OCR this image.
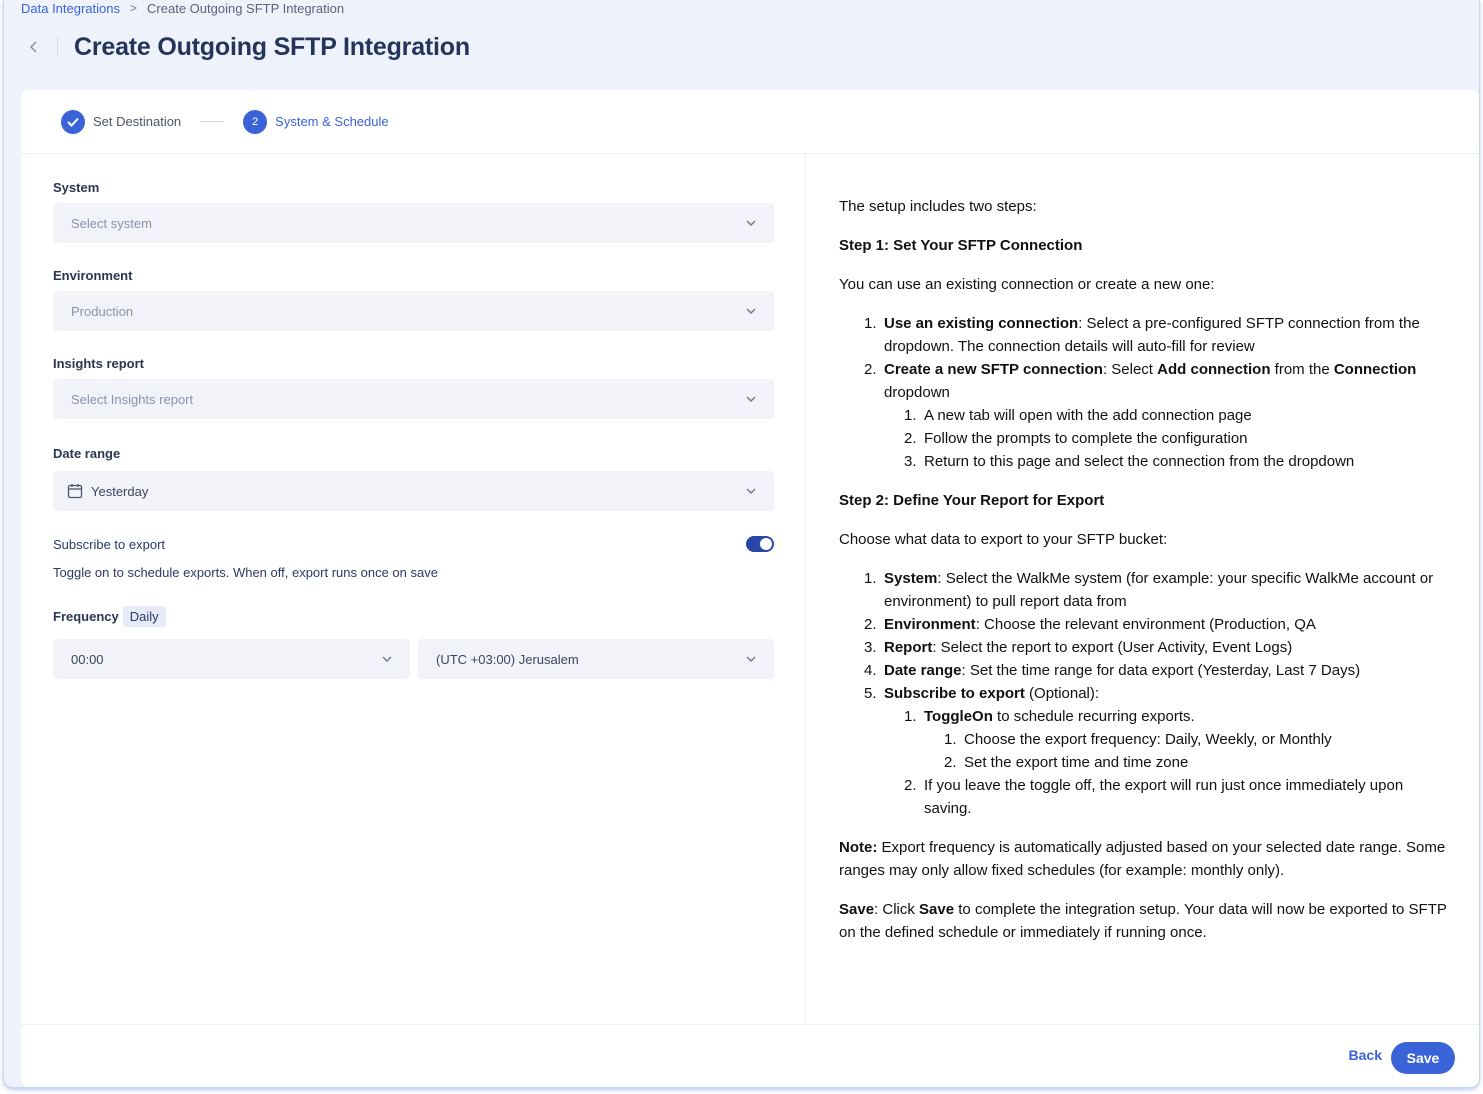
Data Integrations > Create Outgoing SFTP Integration
Create Outgoing SFTP Integration
Set Destination	2	System & Schedule
System
Select system
Environment
Production
Insights report
Select Insights report
Date range
Yesterday
Subscribe to export
Toggle on to schedule exports. When off, export runs once on save
Frequency Daily
00:00	(UTC +03:00) Jerusalem

The setup includes two steps:

Step 1: Set Your SFTP Connection

You can use an existing connection or create a new one:

1. Use an existing connection: Select a pre-configured SFTP connection from the dropdown. The connection details will auto-fill for review
2. Create a new SFTP connection: Select Add connection from the Connection dropdown
1. A new tab will open with the add connection page
2. Follow the prompts to complete the configuration
3. Return to this page and select the connection from the dropdown

Step 2: Define Your Report for Export

Choose what data to export to your SFTP bucket:

1. System: Select the WalkMe system (for example: your specific WalkMe account or environment) to pull report data from
2. Environment: Choose the relevant environment (Production, QA
3. Report: Select the report to export (User Activity, Event Logs)
4. Date range: Set the time range for data export (Yesterday, Last 7 Days)
5. Subscribe to export (Optional):
1. ToggleOn to schedule recurring exports.
1. Choose the export frequency: Daily, Weekly, or Monthly
2. Set the export time and time zone
2. If you leave the toggle off, the export will run just once immediately upon saving.

Note: Export frequency is automatically adjusted based on your selected date range. Some ranges may only allow fixed schedules (for example: monthly only).

Save: Click Save to complete the integration setup. Your data will now be exported to SFTP on the defined schedule or immediately if running once.

Back	Save
